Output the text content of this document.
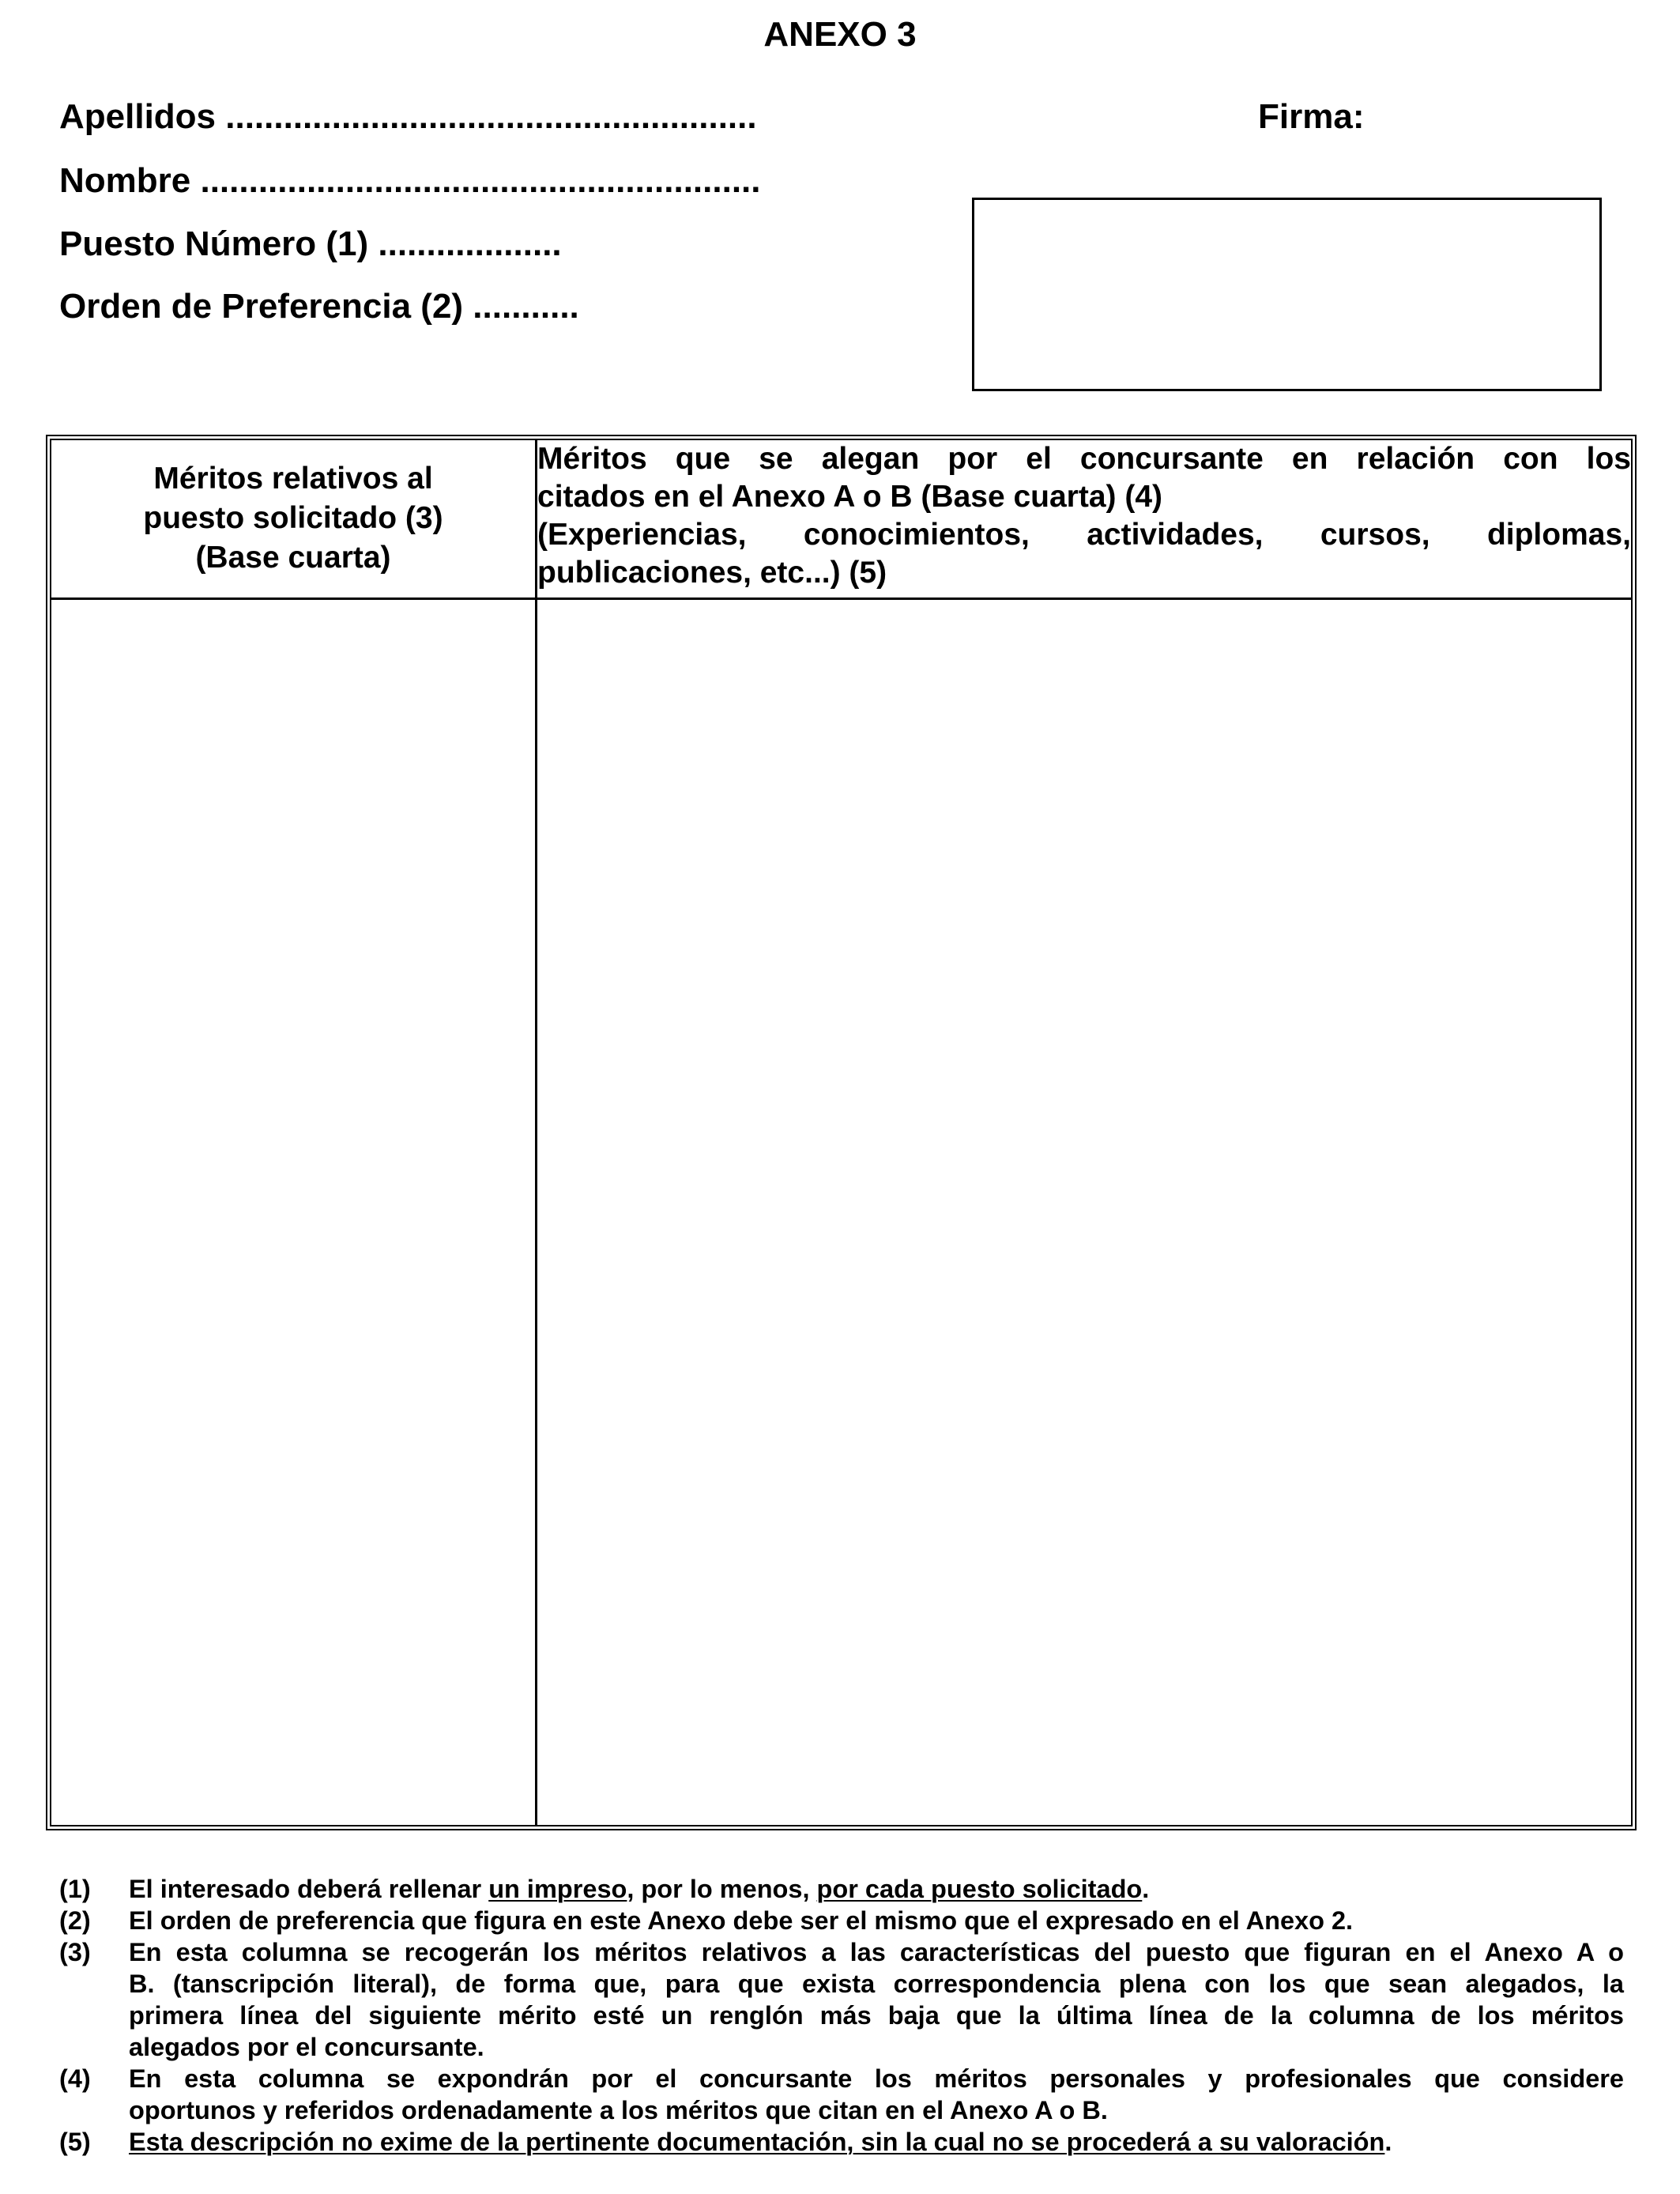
ANEXO 3
Apellidos .......................................................
Nombre ..........................................................
Puesto Número (1) ...................
Orden de Preferencia (2) ...........
Firma:
Méritos relativos al
puesto solicitado (3)
(Base cuarta)	Méritos que se alegan por el concursante en relación con los
citados en el Anexo A o B (Base cuarta) (4)
(Experiencias, conocimientos, actividades, cursos, diplomas,
publicaciones, etc...) (5)

(1)	El interesado deberá rellenar un impreso, por lo menos, por cada puesto solicitado.
(2)	El orden de preferencia que figura en este Anexo debe ser el mismo que el expresado en el Anexo 2.
(3)	En esta columna se recogerán los méritos relativos a las características del puesto que figuran en el Anexo A o
B. (tanscripción literal), de forma que, para que exista correspondencia plena con los que sean alegados, la
primera línea del siguiente mérito esté un renglón más baja que la última línea de la columna de los méritos
alegados por el concursante.
(4)	En esta columna se expondrán por el concursante los méritos personales y profesionales que considere
oportunos y referidos ordenadamente a los méritos que citan en el Anexo A o B.
(5)	Esta descripción no exime de la pertinente documentación, sin la cual no se procederá a su valoración.
